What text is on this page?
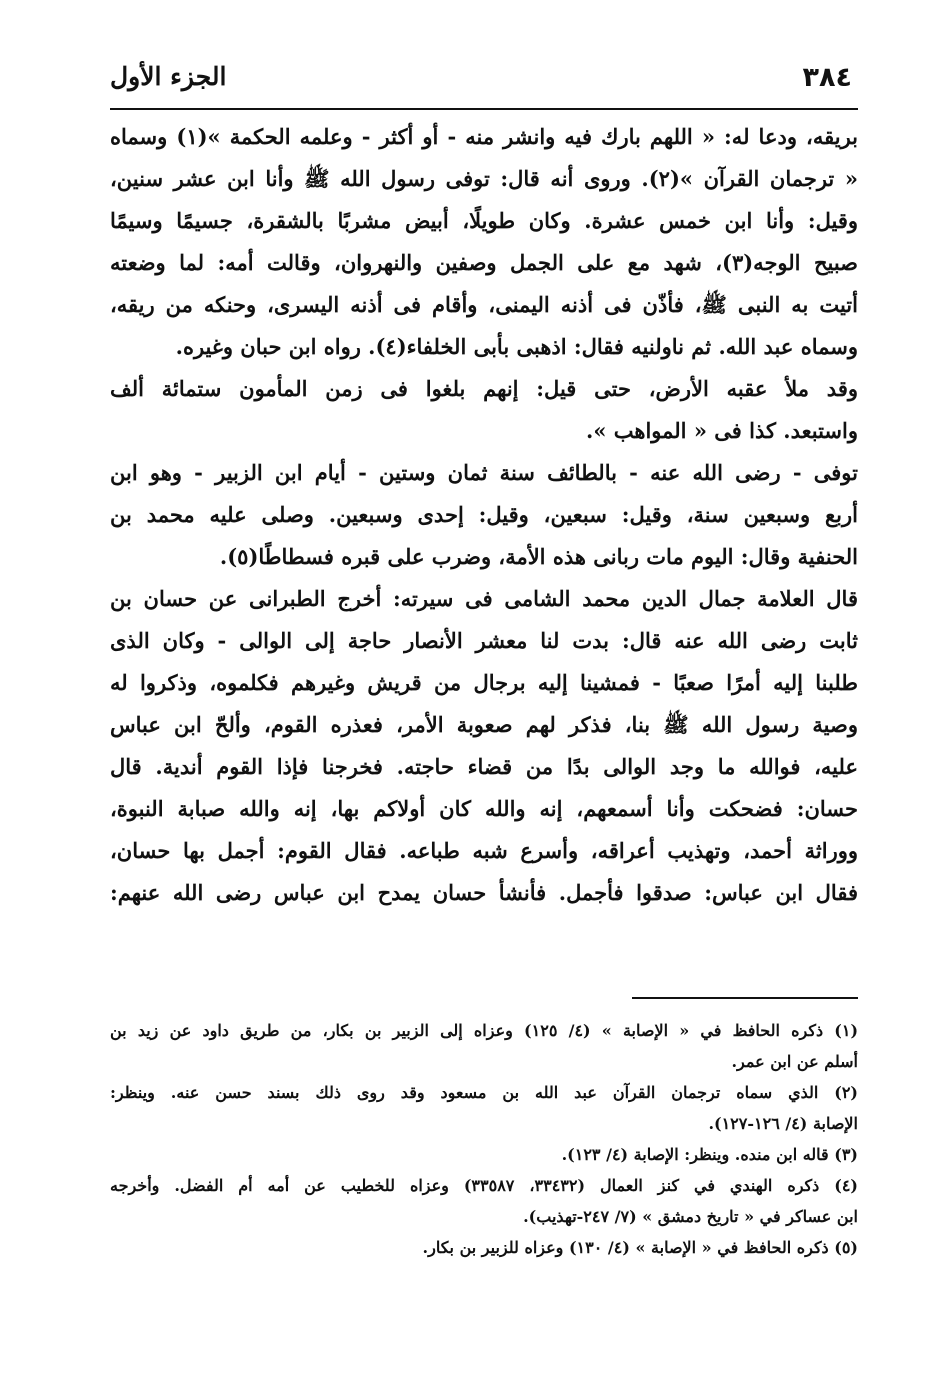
٣٨٤
الجزء الأول
بريقه، ودعا له: « اللهم بارك فيه وانشر منه - أو أكثر - وعلمه الحكمة »(١) وسماه
« ترجمان القرآن »(٢). وروى أنه قال: توفى رسول الله ﷺ وأنا ابن عشر سنين،
وقيل: وأنا ابن خمس عشرة. وكان طويلًا، أبيض مشربًا بالشقرة، جسيمًا وسيمًا
صبيح الوجه(٣)، شهد مع على الجمل وصفين والنهروان، وقالت أمه: لما وضعته
أتيت به النبى ﷺ، فأذّن فى أذنه اليمنى، وأقام فى أذنه اليسرى، وحنكه من ريقه،
وسماه عبد الله. ثم ناولنيه فقال: اذهبى بأبى الخلفاء(٤). رواه ابن حبان وغيره.
وقد ملأ عقبه الأرض، حتى قيل: إنهم بلغوا فى زمن المأمون ستمائة ألف
واستبعد. كذا فى « المواهب ».
توفى - رضى الله عنه - بالطائف سنة ثمان وستين - أيام ابن الزبير - وهو ابن
أربع وسبعين سنة، وقيل: سبعين، وقيل: إحدى وسبعين. وصلى عليه محمد بن
الحنفية وقال: اليوم مات ربانى هذه الأمة، وضرب على قبره فسطاطًا(٥).
قال العلامة جمال الدين محمد الشامى فى سيرته: أخرج الطبرانى عن حسان بن
ثابت رضى الله عنه قال: بدت لنا معشر الأنصار حاجة إلى الوالى - وكان الذى
طلبنا إليه أمرًا صعبًا - فمشينا إليه برجال من قريش وغيرهم فكلموه، وذكروا له
وصية رسول الله ﷺ بنا، فذكر لهم صعوبة الأمر، فعذره القوم، وألحّ ابن عباس
عليه، فوالله ما وجد الوالى بدًا من قضاء حاجته. فخرجنا فإذا القوم أندية. قال
حسان: فضحكت وأنا أسمعهم، إنه والله كان أولاكم بها، إنه والله صبابة النبوة،
ووراثة أحمد، وتهذيب أعراقه، وأسرع شبه طباعه. فقال القوم: أجمل بها حسان،
فقال ابن عباس: صدقوا فأجمل. فأنشأ حسان يمدح ابن عباس رضى الله عنهم:
(١) ذكره الحافظ في « الإصابة » (٤/ ١٢٥) وعزاه إلى الزبير بن بكار، من طريق داود عن زيد بن
أسلم عن ابن عمر.
(٢) الذي سماه ترجمان القرآن عبد الله بن مسعود وقد روى ذلك بسند حسن عنه. وينظر:
الإصابة (٤/ ١٢٦-١٢٧).
(٣) قاله ابن منده. وينظر: الإصابة (٤/ ١٢٣).
(٤) ذكره الهندي في كنز العمال (٣٣٤٣٢، ٣٣٥٨٧) وعزاه للخطيب عن أمه أم الفضل. وأخرجه
ابن عساكر في « تاريخ دمشق » (٧/ ٢٤٧-تهذيب).
(٥) ذكره الحافظ في « الإصابة » (٤/ ١٣٠) وعزاه للزبير بن بكار.
